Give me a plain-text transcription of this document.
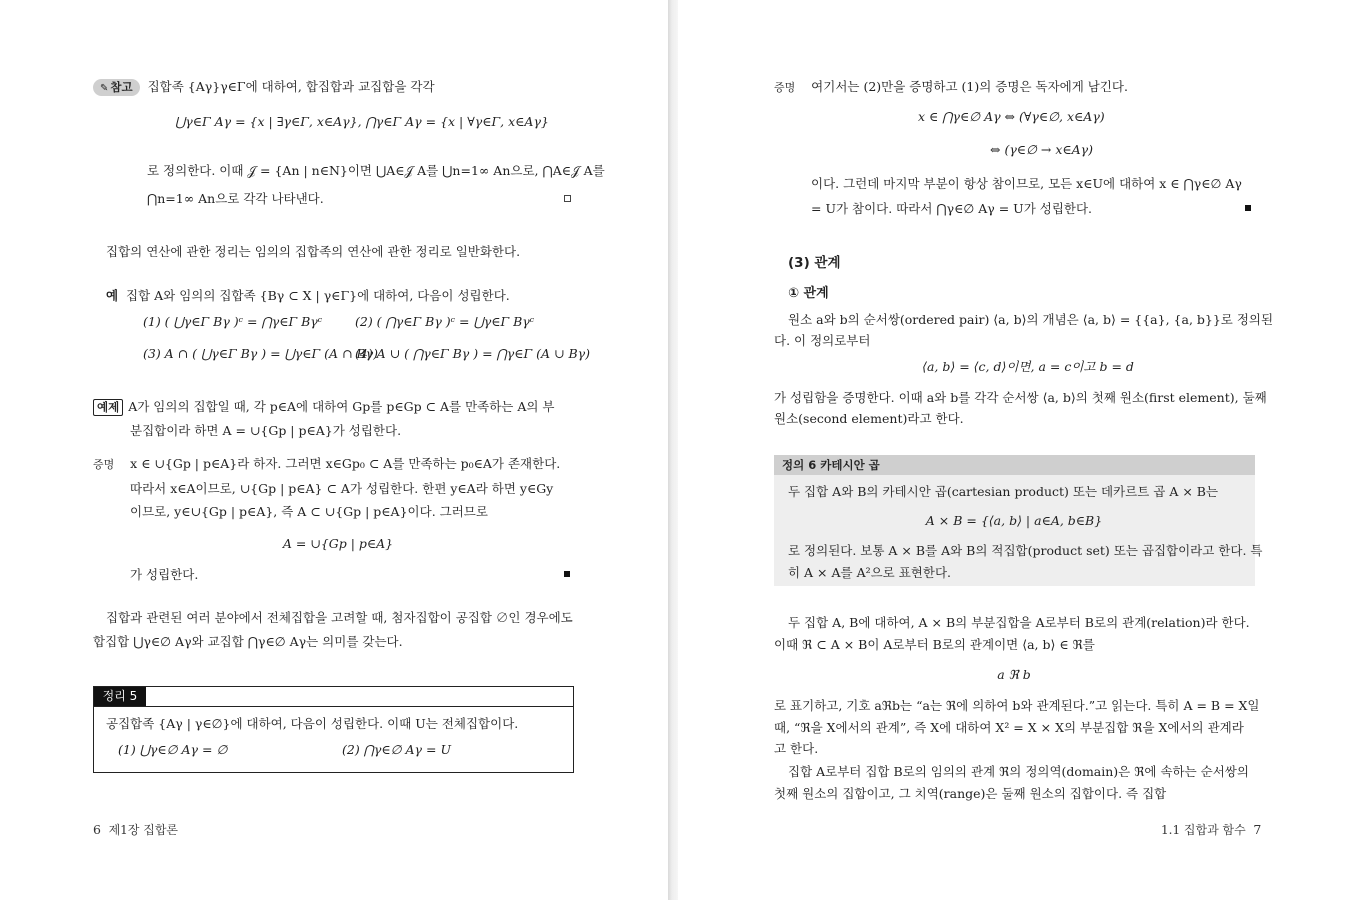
✎ 참고 집합족 {Aγ}γ∈Γ에 대하여, 합집합과 교집합을 각각
⋃γ∈Γ Aγ = {x | ∃γ∈Γ, x∈Aγ}, ⋂γ∈Γ Aγ = {x | ∀γ∈Γ, x∈Aγ}
로 정의한다. 이때 𝒥 = {An | n∈N}이면 ⋃A∈𝒥 A를 ⋃n=1∞ An으로, ⋂A∈𝒥 A를
⋂n=1∞ An으로 각각 나타낸다.
집합의 연산에 관한 정리는 임의의 집합족의 연산에 관한 정리로 일반화한다.
예 집합 A와 임의의 집합족 {Bγ ⊂ X | γ∈Γ}에 대하여, 다음이 성립한다.
(1) ( ⋃γ∈Γ Bγ )ᶜ = ⋂γ∈Γ Bγᶜ	(2) ( ⋂γ∈Γ Bγ )ᶜ = ⋃γ∈Γ Bγᶜ
(3) A ∩ ( ⋃γ∈Γ Bγ ) = ⋃γ∈Γ (A ∩ Bγ)
(4) A ∪ ( ⋂γ∈Γ Bγ ) = ⋂γ∈Γ (A ∪ Bγ)
예제 A가 임의의 집합일 때, 각 p∈A에 대하여 Gp를 p∈Gp ⊂ A를 만족하는 A의 부
분집합이라 하면 A = ∪{Gp | p∈A}가 성립한다.
증명 x ∈ ∪{Gp | p∈A}라 하자. 그러면 x∈Gp₀ ⊂ A를 만족하는 p₀∈A가 존재한다.
따라서 x∈A이므로, ∪{Gp | p∈A} ⊂ A가 성립한다. 한편 y∈A라 하면 y∈Gy
이므로, y∈∪{Gp | p∈A}, 즉 A ⊂ ∪{Gp | p∈A}이다. 그러므로
A = ∪{Gp | p∈A}
가 성립한다.
집합과 관련된 여러 분야에서 전체집합을 고려할 때, 첨자집합이 공집합 ∅인 경우에도
합집합 ⋃γ∈∅ Aγ와 교집합 ⋂γ∈∅ Aγ는 의미를 갖는다.
정리 5
공집합족 {Aγ | γ∈∅}에 대하여, 다음이 성립한다. 이때 U는 전체집합이다.
(1) ⋃γ∈∅ Aγ = ∅	(2) ⋂γ∈∅ Aγ = U
6 제1장 집합론
증명 여기서는 (2)만을 증명하고 (1)의 증명은 독자에게 남긴다.
x ∈ ⋂γ∈∅ Aγ ⇔ (∀γ∈∅, x∈Aγ)
⇔ (γ∈∅ → x∈Aγ)
이다. 그런데 마지막 부분이 항상 참이므로, 모든 x∈U에 대하여 x ∈ ⋂γ∈∅ Aγ
= U가 참이다. 따라서 ⋂γ∈∅ Aγ = U가 성립한다.
(3) 관계
① 관계
원소 a와 b의 순서쌍(ordered pair) ⟨a, b⟩의 개념은 ⟨a, b⟩ = {{a}, {a, b}}로 정의된
다. 이 정의로부터
⟨a, b⟩ = ⟨c, d⟩이면, a = c이고 b = d
가 성립함을 증명한다. 이때 a와 b를 각각 순서쌍 ⟨a, b⟩의 첫째 원소(first element), 둘째
원소(second element)라고 한다.
정의 6 카테시안 곱
두 집합 A와 B의 카테시안 곱(cartesian product) 또는 데카르트 곱 A × B는
A × B = {⟨a, b⟩ | a∈A, b∈B}
로 정의된다. 보통 A × B를 A와 B의 적집합(product set) 또는 곱집합이라고 한다. 특
히 A × A를 A²으로 표현한다.
두 집합 A, B에 대하여, A × B의 부분집합을 A로부터 B로의 관계(relation)라 한다.
이때 ℜ ⊂ A × B이 A로부터 B로의 관계이면 ⟨a, b⟩ ∈ ℜ를
a ℜ b
로 표기하고, 기호 aℜb는 “a는 ℜ에 의하여 b와 관계된다.”고 읽는다. 특히 A = B = X일
때, “ℜ을 X에서의 관계”, 즉 X에 대하여 X² = X × X의 부분집합 ℜ을 X에서의 관계라
고 한다.
집합 A로부터 집합 B로의 임의의 관계 ℜ의 정의역(domain)은 ℜ에 속하는 순서쌍의
첫째 원소의 집합이고, 그 치역(range)은 둘째 원소의 집합이다. 즉 집합
1.1 집합과 함수 7
